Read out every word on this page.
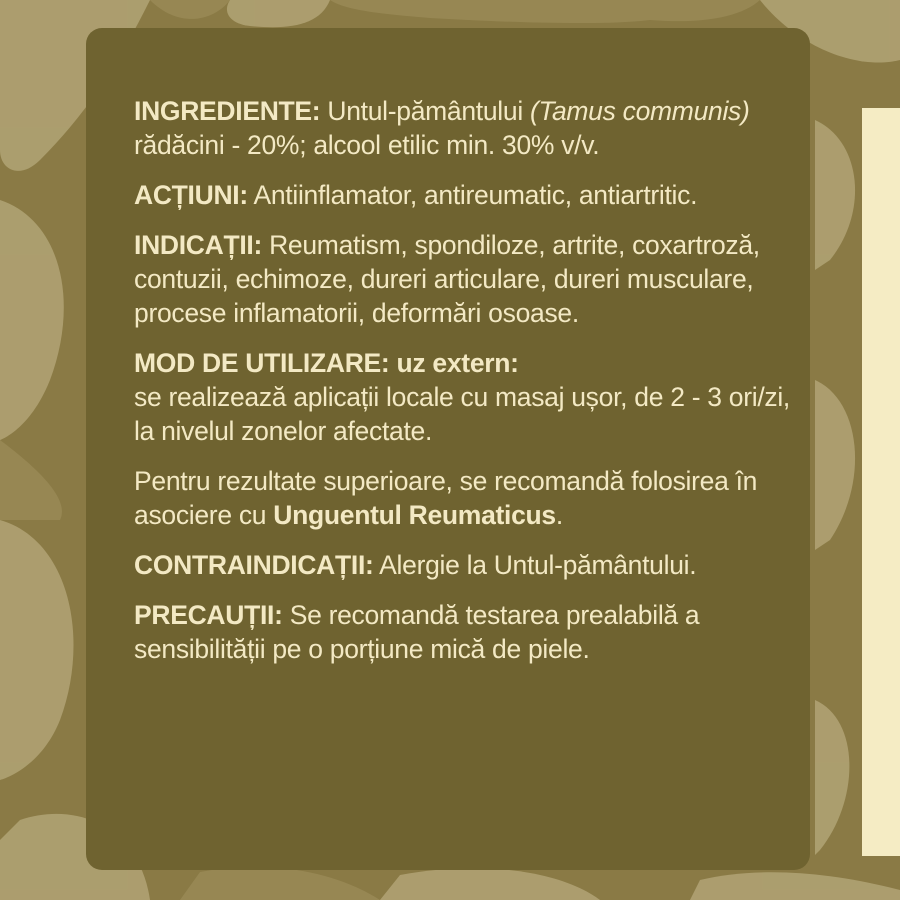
INGREDIENTE: Untul-pământului (Tamus communis) rădăcini - 20%; alcool etilic min. 30% v/v.

ACȚIUNI: Antiinflamator, antireumatic, antiartritic.

INDICAȚII: Reumatism, spondiloze, artrite, coxartroză, contuzii, echimoze, dureri articulare, dureri musculare, procese inflamatorii, deformări osoase.

MOD DE UTILIZARE: uz extern:
se realizează aplicații locale cu masaj ușor, de 2 - 3 ori/zi, la nivelul zonelor afectate.

Pentru rezultate superioare, se recomandă folosirea în asociere cu Unguentul Reumaticus.

CONTRAINDICAȚII: Alergie la Untul-pământului.

PRECAUȚII: Se recomandă testarea prealabilă a sensibilității pe o porțiune mică de piele.
